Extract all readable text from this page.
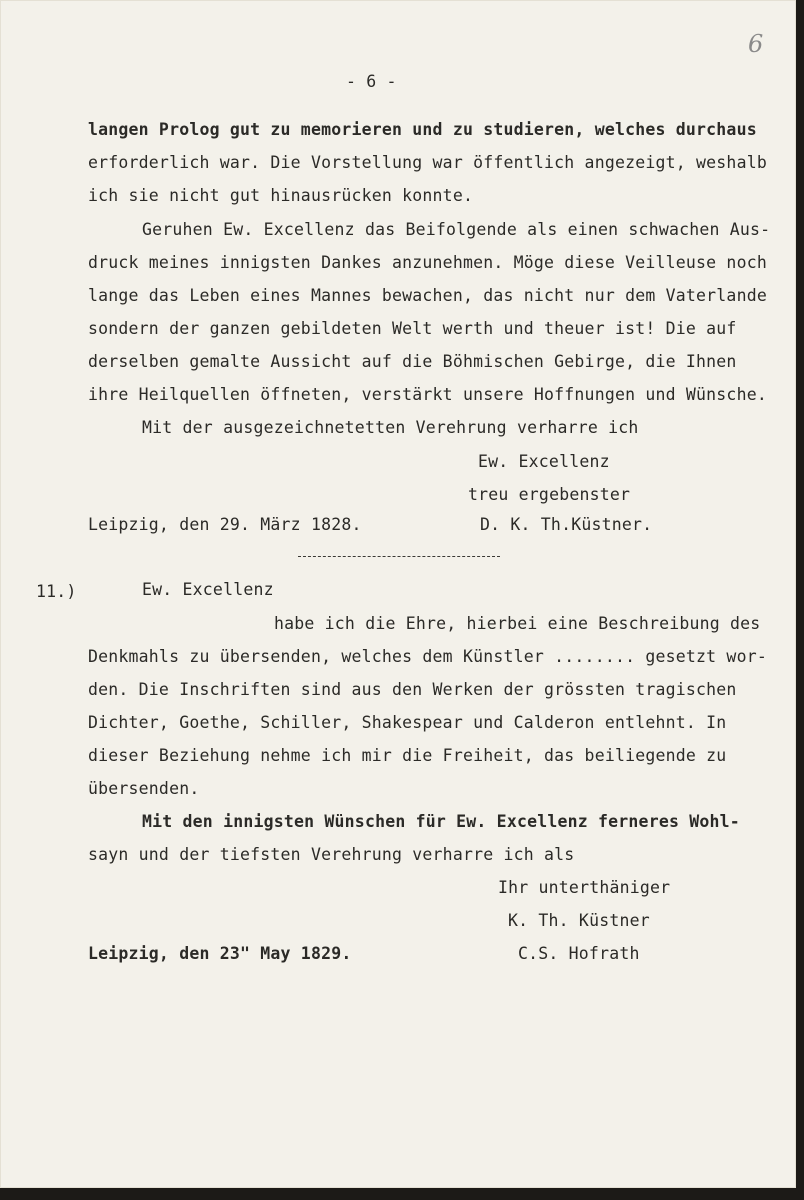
6
- 6 -
langen Prolog gut zu memorieren und zu studieren, welches durchaus
erforderlich war. Die Vorstellung war öffentlich angezeigt, weshalb
ich sie nicht gut hinausrücken konnte.
Geruhen Ew. Excellenz das Beifolgende als einen schwachen Aus-
druck meines innigsten Dankes anzunehmen. Möge diese Veilleuse noch
lange das Leben eines Mannes bewachen, das nicht nur dem Vaterlande
sondern der ganzen gebildeten Welt werth und theuer ist! Die auf
derselben gemalte Aussicht auf die Böhmischen Gebirge, die Ihnen
ihre Heilquellen öffneten, verstärkt unsere Hoffnungen und Wünsche.
Mit der ausgezeichnetetten Verehrung verharre ich
Ew. Excellenz
treu ergebenster
Leipzig, den 29. März 1828.	D. K. Th.Küstner.
11.)	Ew. Excellenz
habe ich die Ehre, hierbei eine Beschreibung des
Denkmahls zu übersenden, welches dem Künstler ........ gesetzt wor-
den. Die Inschriften sind aus den Werken der grössten tragischen
Dichter, Goethe, Schiller, Shakespear und Calderon entlehnt. In
dieser Beziehung nehme ich mir die Freiheit, das beiliegende zu
übersenden.
Mit den innigsten Wünschen für Ew. Excellenz ferneres Wohl-
sayn und der tiefsten Verehrung verharre ich als
Ihr unterthäniger
K. Th. Küstner
Leipzig, den 23" May 1829.	C.S. Hofrath
